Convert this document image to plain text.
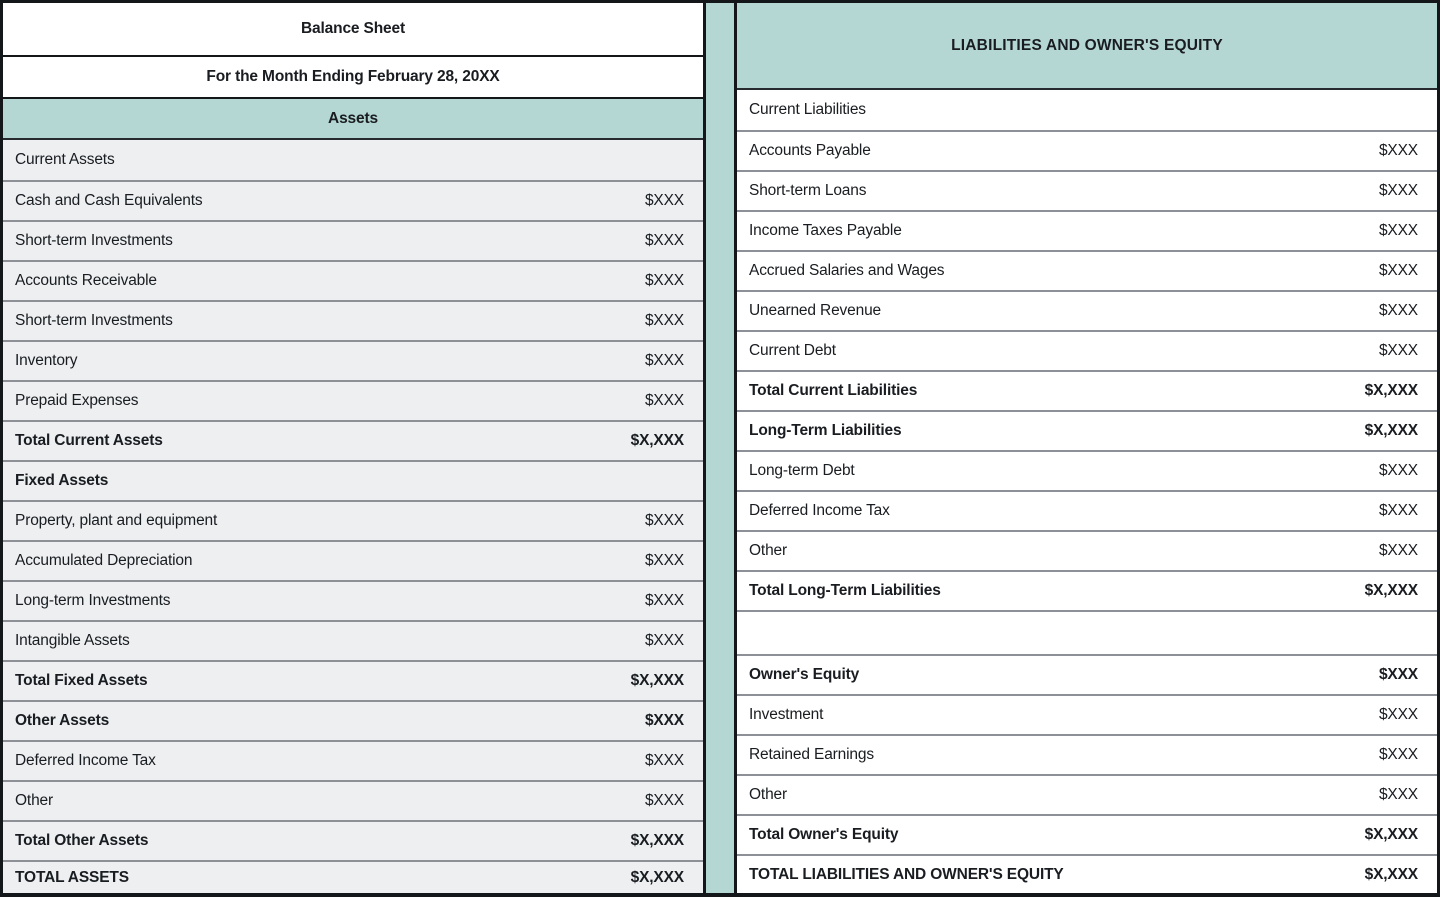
Balance Sheet
For the Month Ending February 28, 20XX
Assets
Current Assets
Cash and Cash Equivalents	$XXX
Short-term Investments	$XXX
Accounts Receivable	$XXX
Short-term Investments	$XXX
Inventory	$XXX
Prepaid Expenses	$XXX
Total Current Assets	$X,XXX
Fixed Assets
Property, plant and equipment	$XXX
Accumulated Depreciation	$XXX
Long-term Investments	$XXX
Intangible Assets	$XXX
Total Fixed Assets	$X,XXX
Other Assets	$XXX
Deferred Income Tax	$XXX
Other	$XXX
Total Other Assets	$X,XXX
TOTAL ASSETS	$X,XXX
LIABILITIES AND OWNER'S EQUITY
Current Liabilities
Accounts Payable	$XXX
Short-term Loans	$XXX
Income Taxes Payable	$XXX
Accrued Salaries and Wages	$XXX
Unearned Revenue	$XXX
Current Debt	$XXX
Total Current Liabilities	$X,XXX
Long-Term Liabilities	$X,XXX
Long-term Debt	$XXX
Deferred Income Tax	$XXX
Other	$XXX
Total Long-Term Liabilities	$X,XXX
Owner's Equity	$XXX
Investment	$XXX
Retained Earnings	$XXX
Other	$XXX
Total Owner's Equity	$X,XXX
TOTAL LIABILITIES AND OWNER'S EQUITY	$X,XXX
